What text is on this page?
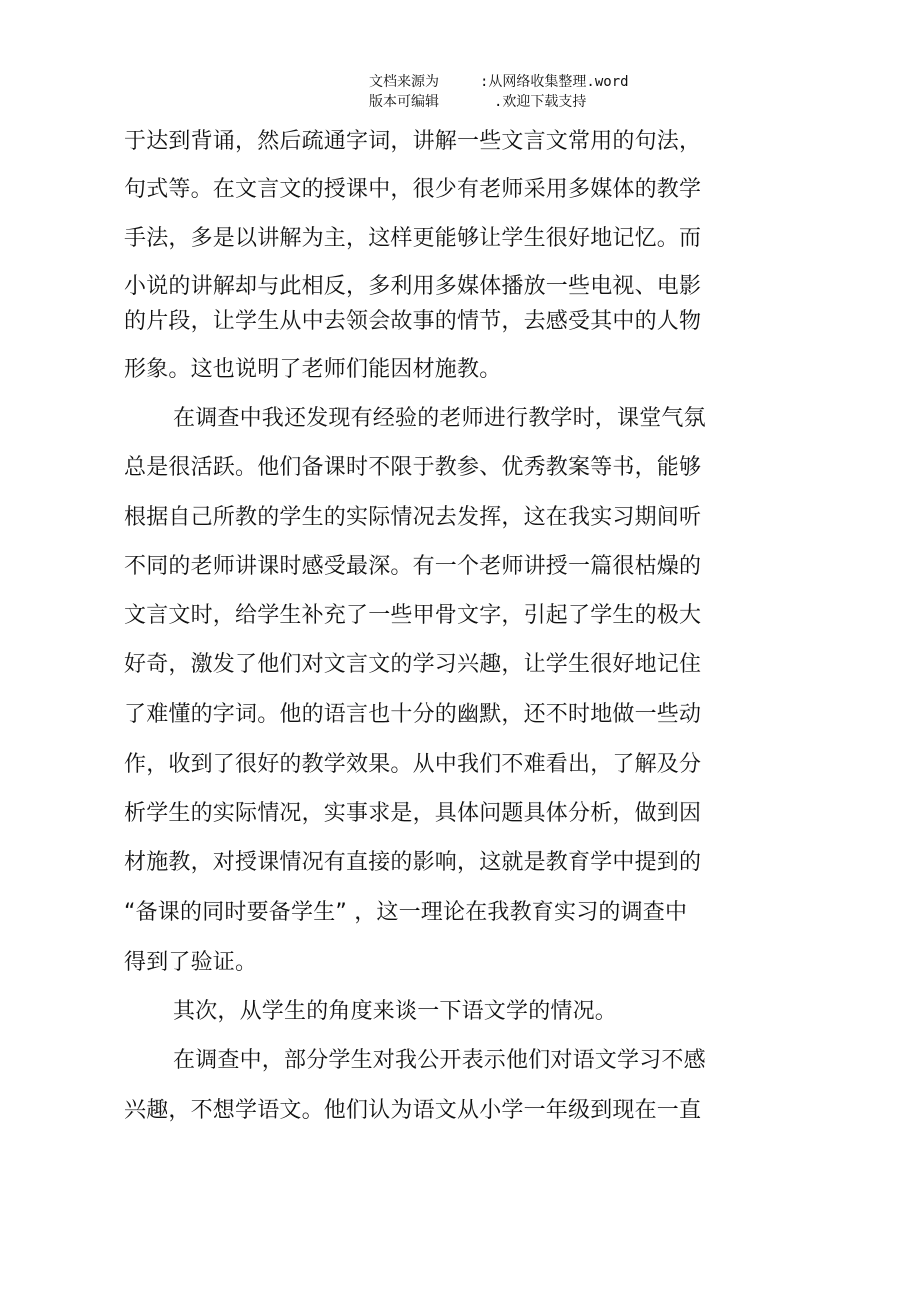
文档来源为	:从网络收集整理.word
版本可编辑	.欢迎下载支持
于达到背诵，然后疏通字词，讲解一些文言文常用的句法，
句式等。在文言文的授课中，很少有老师采用多媒体的教学
手法，多是以讲解为主，这样更能够让学生很好地记忆。而
小说的讲解却与此相反，多利用多媒体播放一些电视、电影
的片段，让学生从中去领会故事的情节，去感受其中的人物
形象。这也说明了老师们能因材施教。
在调查中我还发现有经验的老师进行教学时，课堂气氛
总是很活跃。他们备课时不限于教参、优秀教案等书，能够
根据自己所教的学生的实际情况去发挥，这在我实习期间听
不同的老师讲课时感受最深。有一个老师讲授一篇很枯燥的
文言文时，给学生补充了一些甲骨文字，引起了学生的极大
好奇，激发了他们对文言文的学习兴趣，让学生很好地记住
了难懂的字词。他的语言也十分的幽默，还不时地做一些动
作，收到了很好的教学效果。从中我们不难看出，了解及分
析学生的实际情况，实事求是，具体问题具体分析，做到因
材施教，对授课情况有直接的影响，这就是教育学中提到的
“备课的同时要备学生” ，这一理论在我教育实习的调查中
得到了验证。
其次，从学生的角度来谈一下语文学的情况。
在调查中，部分学生对我公开表示他们对语文学习不感
兴趣，不想学语文。他们认为语文从小学一年级到现在一直
